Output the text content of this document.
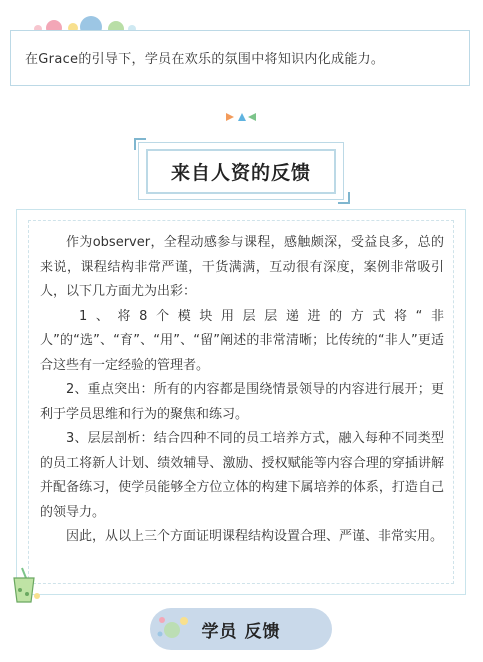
在Grace的引导下，学员在欢乐的氛围中将知识内化成能力。

来自人资的反馈

作为observer，全程动感参与课程，感触颇深，受益良多，总的来说，课程结构非常严谨，干货满满，互动很有深度，案例非常吸引人，以下几方面尤为出彩：

1、将8个模块用层层递进的方式将“非人”的“选”、“育”、“用”、“留”阐述的非常清晰；比传统的“非人”更适合这些有一定经验的管理者。

2、重点突出：所有的内容都是围绕情景领导的内容进行展开；更利于学员思维和行为的聚焦和练习。

3、层层剖析：结合四种不同的员工培养方式，融入每种不同类型的员工将新人计划、绩效辅导、激励、授权赋能等内容合理的穿插讲解并配备练习，使学员能够全方位立体的构建下属培养的体系，打造自己的领导力。

因此，从以上三个方面证明课程结构设置合理、严谨、非常实用。

学员 反馈
